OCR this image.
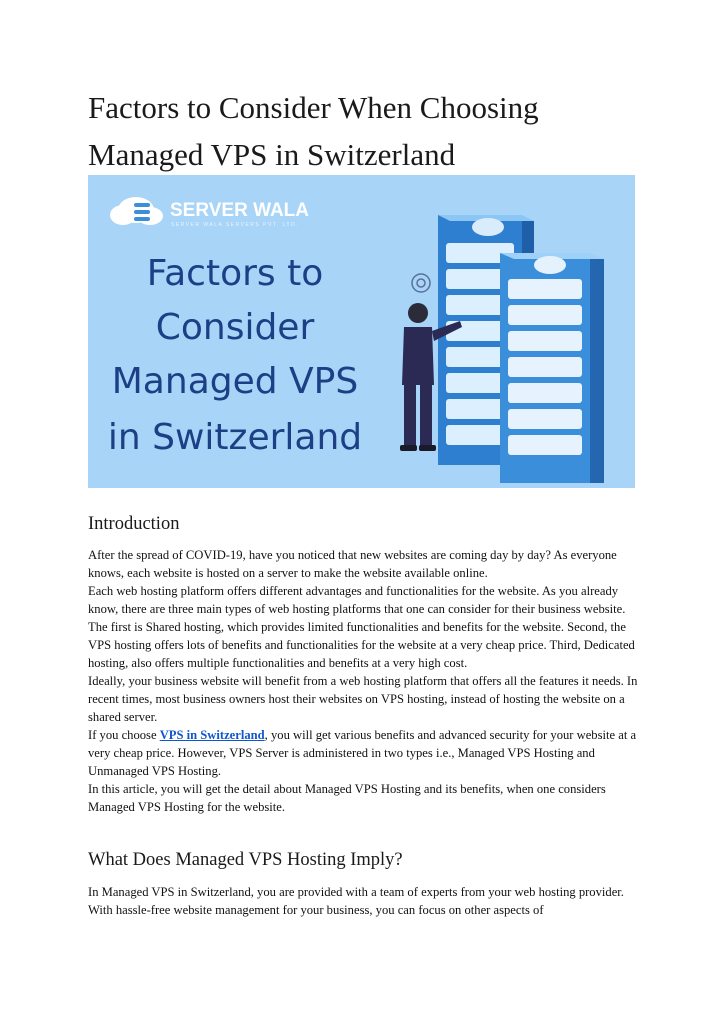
Factors to Consider When Choosing Managed VPS in Switzerland
SERVER WALA
SERVER WALA SERVERS PVT. LTD.
Factors to
Consider
Managed VPS
in Switzerland
Introduction

After the spread of COVID-19, have you noticed that new websites are coming day by day? As everyone knows, each website is hosted on a server to make the website available online.

Each web hosting platform offers different advantages and functionalities for the website. As you already know, there are three main types of web hosting platforms that one can consider for their business website.

The first is Shared hosting, which provides limited functionalities and benefits for the website. Second, the VPS hosting offers lots of benefits and functionalities for the website at a very cheap price. Third, Dedicated hosting, also offers multiple functionalities and benefits at a very high cost.

Ideally, your business website will benefit from a web hosting platform that offers all the features it needs. In recent times, most business owners host their websites on VPS hosting, instead of hosting the website on a shared server.

If you choose VPS in Switzerland, you will get various benefits and advanced security for your website at a very cheap price. However, VPS Server is administered in two types i.e., Managed VPS Hosting and Unmanaged VPS Hosting.

In this article, you will get the detail about Managed VPS Hosting and its benefits, when one considers Managed VPS Hosting for the website.

What Does Managed VPS Hosting Imply?

In Managed VPS in Switzerland, you are provided with a team of experts from your web hosting provider. With hassle-free website management for your business, you can focus on other aspects of
